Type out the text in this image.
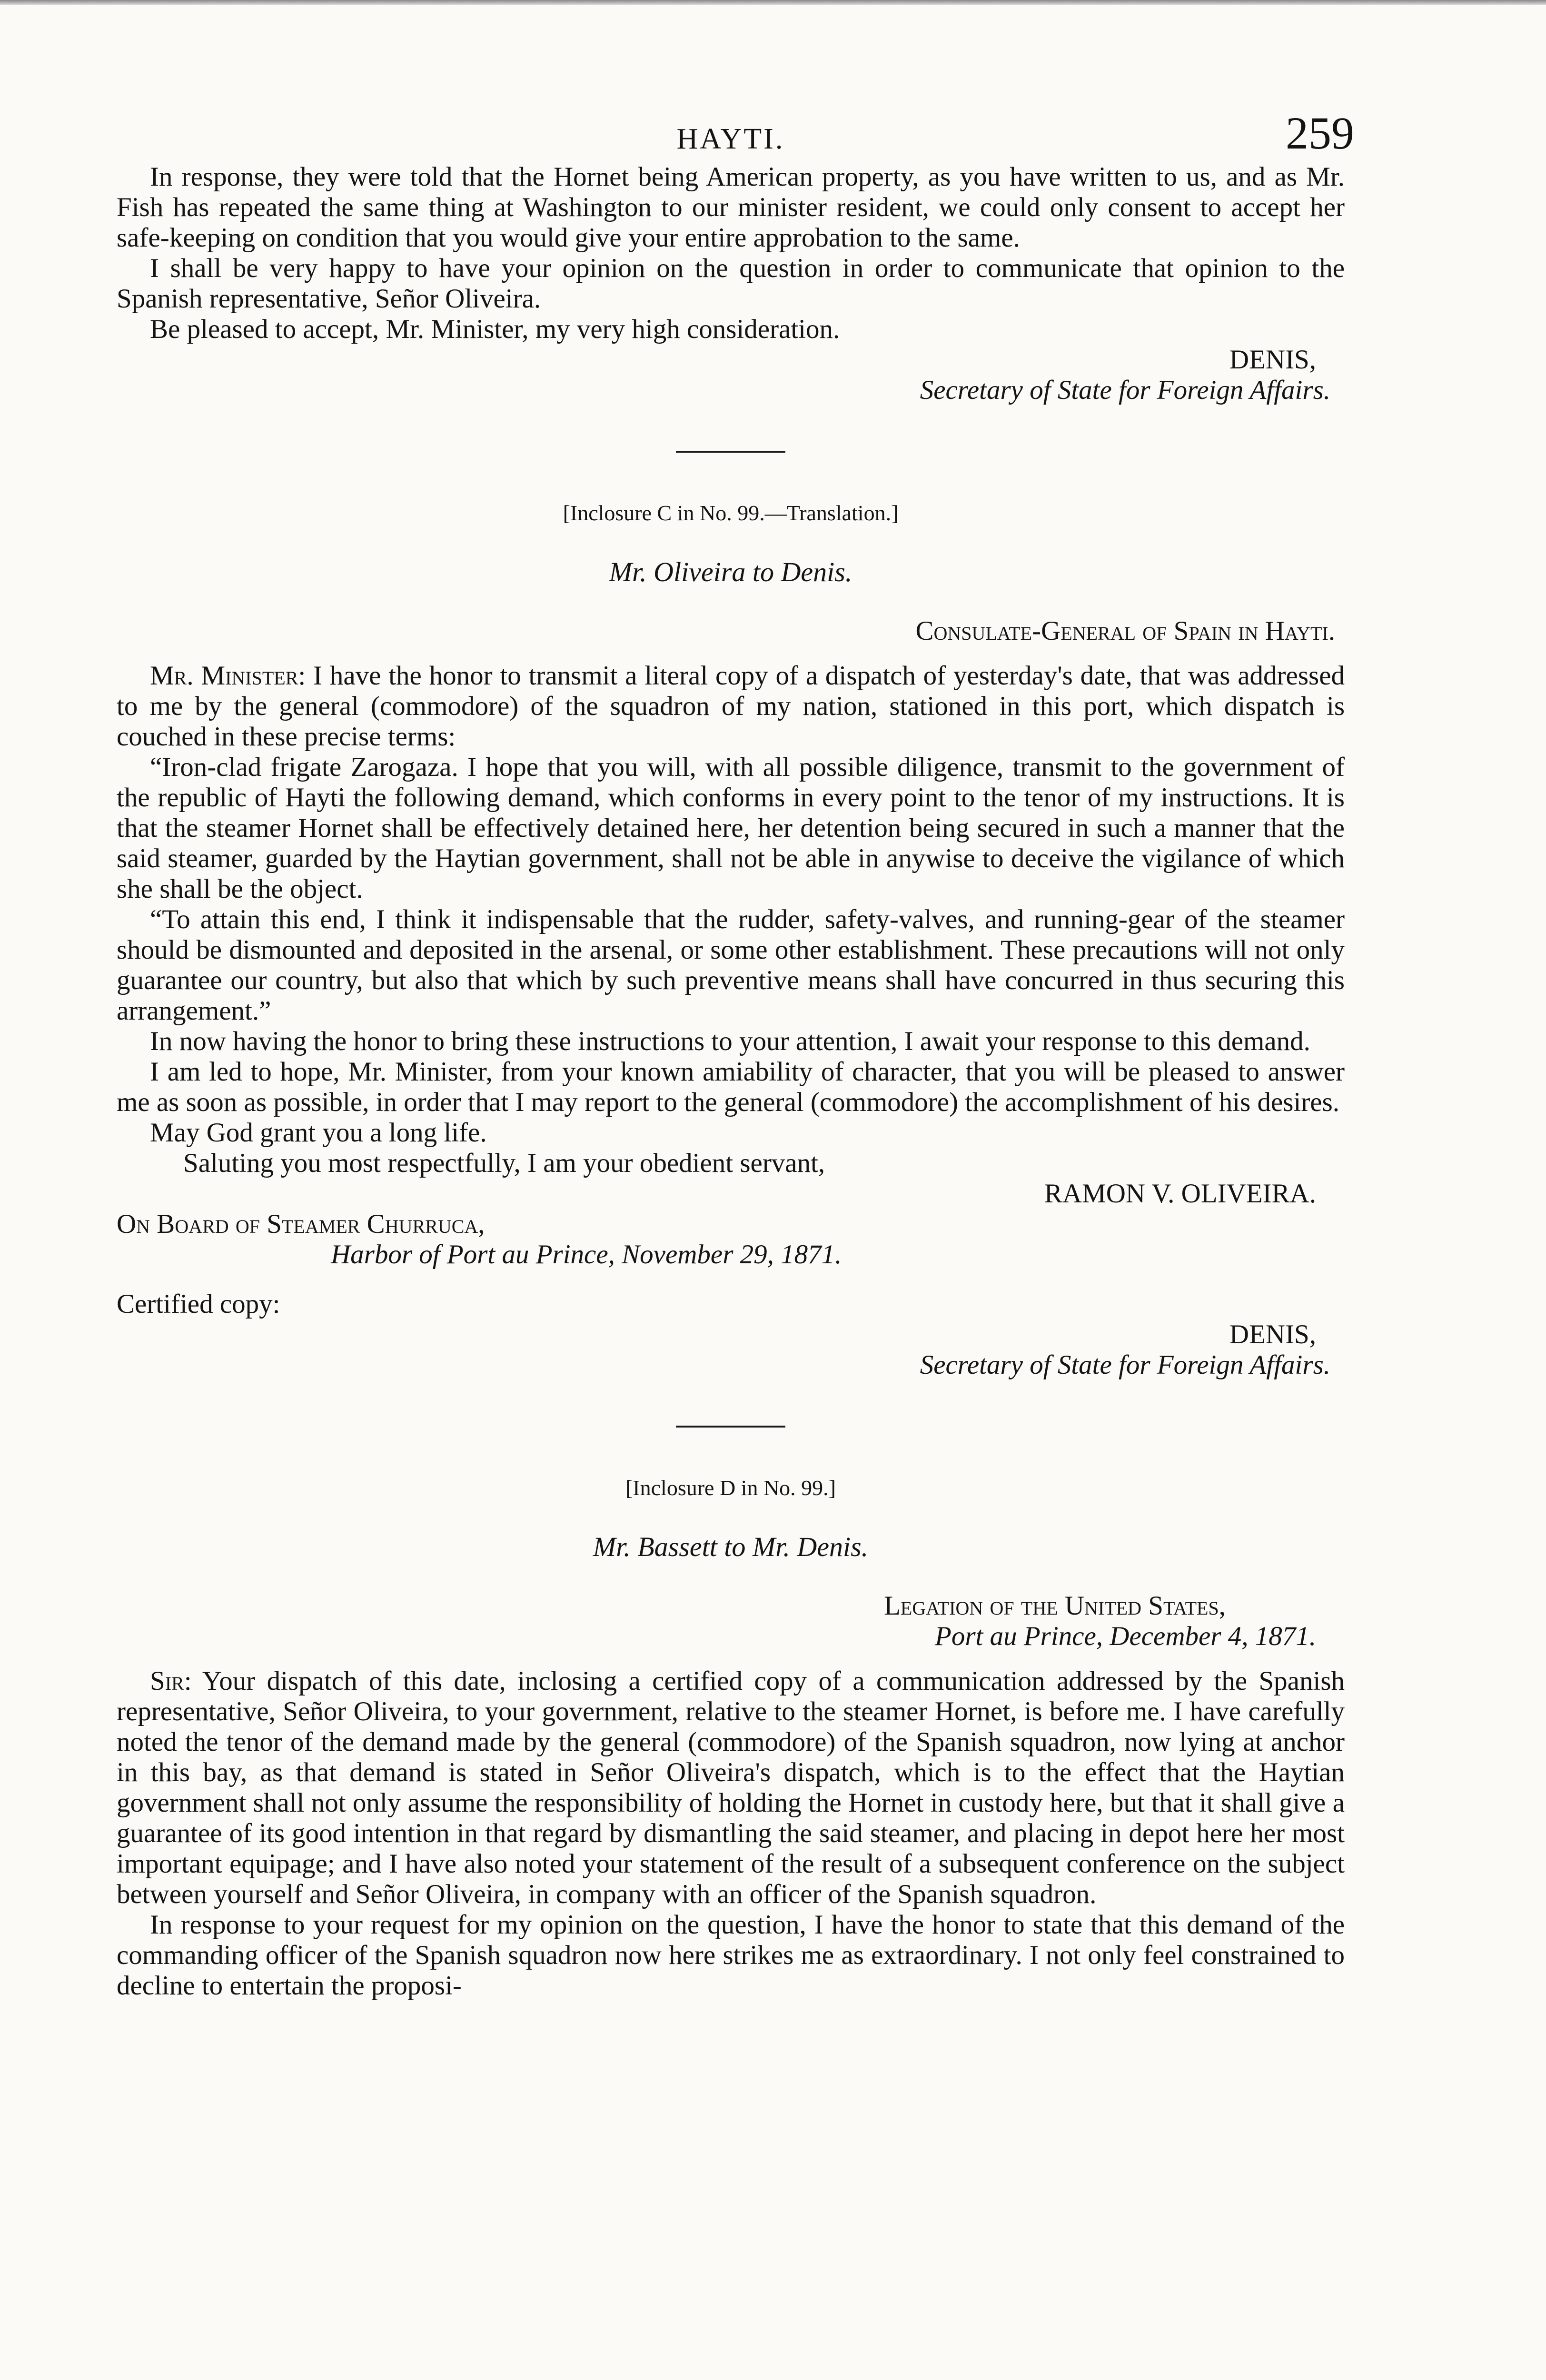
HAYTI.	259

In response, they were told that the Hornet being American property, as you have written to us, and as Mr. Fish has repeated the same thing at Washington to our minister resident, we could only consent to accept her safe-keeping on condition that you would give your entire approbation to the same.

I shall be very happy to have your opinion on the question in order to communicate that opinion to the Spanish representative, Señor Oliveira.

Be pleased to accept, Mr. Minister, my very high consideration.

DENIS,

Secretary of State for Foreign Affairs.

[Inclosure C in No. 99.—Translation.]

Mr. Oliveira to Denis.

Consulate-General of Spain in Hayti.

Mr. Minister: I have the honor to transmit a literal copy of a dispatch of yesterday's date, that was addressed to me by the general (commodore) of the squadron of my nation, stationed in this port, which dispatch is couched in these precise terms:

“Iron-clad frigate Zarogaza. I hope that you will, with all possible diligence, transmit to the government of the republic of Hayti the following demand, which conforms in every point to the tenor of my instructions. It is that the steamer Hornet shall be effectively detained here, her detention being secured in such a manner that the said steamer, guarded by the Haytian government, shall not be able in anywise to deceive the vigilance of which she shall be the object.

“To attain this end, I think it indispensable that the rudder, safety-valves, and running-gear of the steamer should be dismounted and deposited in the arsenal, or some other establishment. These precautions will not only guarantee our country, but also that which by such preventive means shall have concurred in thus securing this arrangement.”

In now having the honor to bring these instructions to your attention, I await your response to this demand.

I am led to hope, Mr. Minister, from your known amiability of character, that you will be pleased to answer me as soon as possible, in order that I may report to the general (commodore) the accomplishment of his desires.

May God grant you a long life.

Saluting you most respectfully, I am your obedient servant,

RAMON V. OLIVEIRA.

On Board of Steamer Churruca,

Harbor of Port au Prince, November 29, 1871.

Certified copy:

DENIS,

Secretary of State for Foreign Affairs.

[Inclosure D in No. 99.]

Mr. Bassett to Mr. Denis.

Legation of the United States,

Port au Prince, December 4, 1871.

Sir: Your dispatch of this date, inclosing a certified copy of a communication addressed by the Spanish representative, Señor Oliveira, to your government, relative to the steamer Hornet, is before me. I have carefully noted the tenor of the demand made by the general (commodore) of the Spanish squadron, now lying at anchor in this bay, as that demand is stated in Señor Oliveira's dispatch, which is to the effect that the Haytian government shall not only assume the responsibility of holding the Hornet in custody here, but that it shall give a guarantee of its good intention in that regard by dismantling the said steamer, and placing in depot here her most important equipage; and I have also noted your statement of the result of a subsequent conference on the subject between yourself and Señor Oliveira, in company with an officer of the Spanish squadron.

In response to your request for my opinion on the question, I have the honor to state that this demand of the commanding officer of the Spanish squadron now here strikes me as extraordinary. I not only feel constrained to decline to entertain the proposi-
